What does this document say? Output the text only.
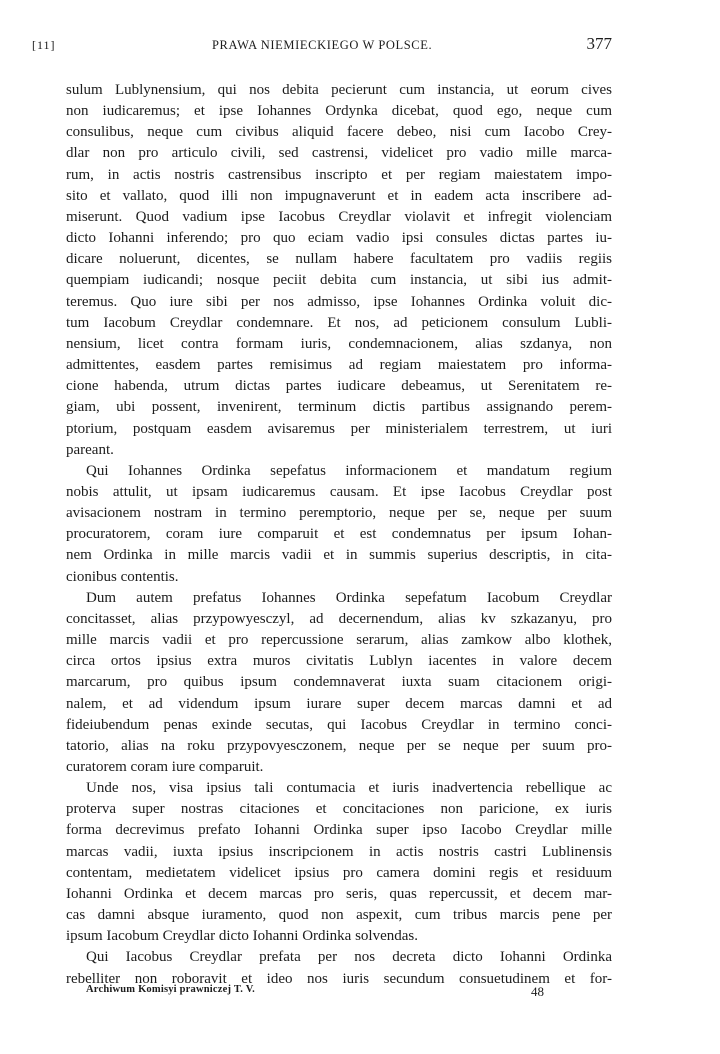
[11]	PRAWA NIEMIECKIEGO W POLSCE.	377
sulum Lublynensium, qui nos debita pecierunt cum instancia, ut eorum cives
non iudicaremus; et ipse Iohannes Ordynka dicebat, quod ego, neque cum
consulibus, neque cum civibus aliquid facere debeo, nisi cum Iacobo Crey-
dlar non pro articulo civili, sed castrensi, videlicet pro vadio mille marca-
rum, in actis nostris castrensibus inscripto et per regiam maiestatem impo-
sito et vallato, quod illi non impugnaverunt et in eadem acta inscribere ad-
miserunt. Quod vadium ipse Iacobus Creydlar violavit et infregit violenciam
dicto Iohanni inferendo; pro quo eciam vadio ipsi consules dictas partes iu-
dicare noluerunt, dicentes, se nullam habere facultatem pro vadiis regiis
quempiam iudicandi; nosque peciit debita cum instancia, ut sibi ius admit-
teremus. Quo iure sibi per nos admisso, ipse Iohannes Ordinka voluit dic-
tum Iacobum Creydlar condemnare. Et nos, ad peticionem consulum Lubli-
nensium, licet contra formam iuris, condemnacionem, alias szdanya, non
admittentes, easdem partes remisimus ad regiam maiestatem pro informa-
cione habenda, utrum dictas partes iudicare debeamus, ut Serenitatem re-
giam, ubi possent, invenirent, terminum dictis partibus assignando perem-
ptorium, postquam easdem avisaremus per ministerialem terrestrem, ut iuri
pareant.
Qui Iohannes Ordinka sepefatus informacionem et mandatum regium
nobis attulit, ut ipsam iudicaremus causam. Et ipse Iacobus Creydlar post
avisacionem nostram in termino peremptorio, neque per se, neque per suum
procuratorem, coram iure comparuit et est condemnatus per ipsum Iohan-
nem Ordinka in mille marcis vadii et in summis superius descriptis, in cita-
cionibus contentis.
Dum autem prefatus Iohannes Ordinka sepefatum Iacobum Creydlar
concitasset, alias przypowyesczyl, ad decernendum, alias kv szkazanyu, pro
mille marcis vadii et pro repercussione serarum, alias zamkow albo klothek,
circa ortos ipsius extra muros civitatis Lublyn iacentes in valore decem
marcarum, pro quibus ipsum condemnaverat iuxta suam citacionem origi-
nalem, et ad videndum ipsum iurare super decem marcas damni et ad
fideiubendum penas exinde secutas, qui Iacobus Creydlar in termino conci-
tatorio, alias na roku przypovyesczonem, neque per se neque per suum pro-
curatorem coram iure comparuit.
Unde nos, visa ipsius tali contumacia et iuris inadvertencia rebellique ac
proterva super nostras citaciones et concitaciones non paricione, ex iuris
forma decrevimus prefato Iohanni Ordinka super ipso Iacobo Creydlar mille
marcas vadii, iuxta ipsius inscripcionem in actis nostris castri Lublinensis
contentam, medietatem videlicet ipsius pro camera domini regis et residuum
Iohanni Ordinka et decem marcas pro seris, quas repercussit, et decem mar-
cas damni absque iuramento, quod non aspexit, cum tribus marcis pene per
ipsum Iacobum Creydlar dicto Iohanni Ordinka solvendas.
Qui Iacobus Creydlar prefata per nos decreta dicto Iohanni Ordinka
rebelliter non roboravit et ideo nos iuris secundum consuetudinem et for-
Archiwum Komisyi prawniczej T. V.	48
